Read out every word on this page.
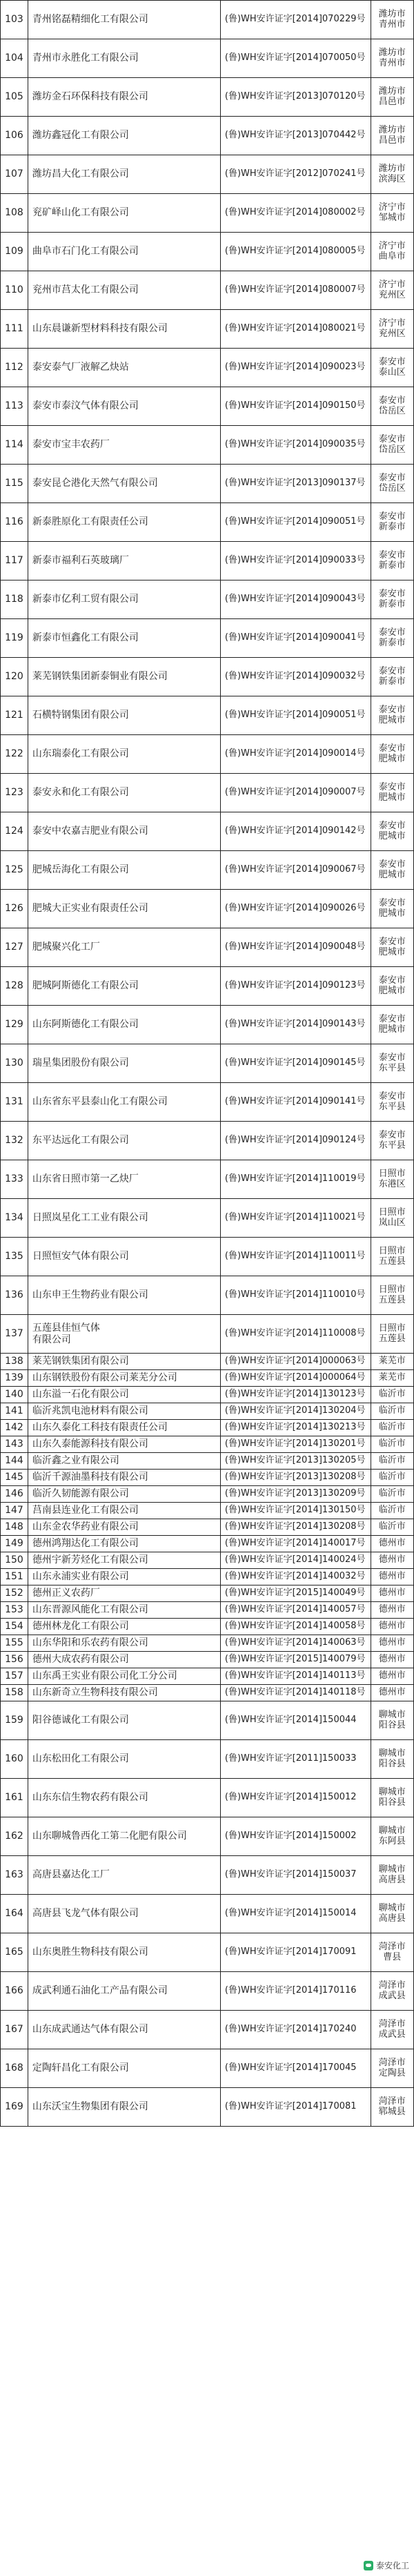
103	青州铭磊精细化工有限公司	(鲁)WH安许证字[2014]070229号	潍坊市
青州市

104	青州市永胜化工有限公司	(鲁)WH安许证字[2014]070050号	潍坊市
青州市

105	潍坊金石环保科技有限公司	(鲁)WH安许证字[2013]070120号	潍坊市
昌邑市

106	潍坊鑫冠化工有限公司	(鲁)WH安许证字[2013]070442号	潍坊市
昌邑市

107	潍坊昌大化工有限公司	(鲁)WH安许证字[2012]070241号	潍坊市
滨海区

108	兖矿峄山化工有限公司	(鲁)WH安许证字[2014]080002号	济宁市
邹城市

109	曲阜市石门化工有限公司	(鲁)WH安许证字[2014]080005号	济宁市
曲阜市

110	兖州市莒太化工有限公司	(鲁)WH安许证字[2014]080007号	济宁市
兖州区

111	山东晨谦新型材料科技有限公司	(鲁)WH安许证字[2014]080021号	济宁市
兖州区

112	泰安泰气厂液解乙炔站	(鲁)WH安许证字[2014]090023号	泰安市
泰山区

113	泰安市泰汶气体有限公司	(鲁)WH安许证字[2014]090150号	泰安市
岱岳区

114	泰安市宝丰农药厂	(鲁)WH安许证字[2014]090035号	泰安市
岱岳区

115	泰安昆仑港化天然气有限公司	(鲁)WH安许证字[2013]090137号	泰安市
岱岳区

116	新泰胜原化工有限责任公司	(鲁)WH安许证字[2014]090051号	泰安市
新泰市

117	新泰市福利石英玻璃厂	(鲁)WH安许证字[2014]090033号	泰安市
新泰市

118	新泰市亿利工贸有限公司	(鲁)WH安许证字[2014]090043号	泰安市
新泰市

119	新泰市恒鑫化工有限公司	(鲁)WH安许证字[2014]090041号	泰安市
新泰市

120	莱芜钢铁集团新泰铜业有限公司	(鲁)WH安许证字[2014]090032号	泰安市
新泰市

121	石横特钢集团有限公司	(鲁)WH安许证字[2014]090051号	泰安市
肥城市

122	山东瑞泰化工有限公司	(鲁)WH安许证字[2014]090014号	泰安市
肥城市

123	泰安永和化工有限公司	(鲁)WH安许证字[2014]090007号	泰安市
肥城市

124	泰安中农嘉吉肥业有限公司	(鲁)WH安许证字[2014]090142号	泰安市
肥城市

125	肥城岳海化工有限公司	(鲁)WH安许证字[2014]090067号	泰安市
肥城市

126	肥城大正实业有限责任公司	(鲁)WH安许证字[2014]090026号	泰安市
肥城市

127	肥城聚兴化工厂	(鲁)WH安许证字[2014]090048号	泰安市
肥城市

128	肥城阿斯德化工有限公司	(鲁)WH安许证字[2014]090123号	泰安市
肥城市

129	山东阿斯德化工有限公司	(鲁)WH安许证字[2014]090143号	泰安市
肥城市

130	瑞星集团股份有限公司	(鲁)WH安许证字[2014]090145号	泰安市
东平县

131	山东省东平县泰山化工有限公司	(鲁)WH安许证字[2014]090141号	泰安市
东平县

132	东平达远化工有限公司	(鲁)WH安许证字[2014]090124号	泰安市
东平县

133	山东省日照市第一乙炔厂	(鲁)WH安许证字[2014]110019号	日照市
东港区

134	日照岚星化工工业有限公司	(鲁)WH安许证字[2014]110021号	日照市
岚山区

135	日照恒安气体有限公司	(鲁)WH安许证字[2014]110011号	日照市
五莲县

136	山东申王生物药业有限公司	(鲁)WH安许证字[2014]110010号	日照市
五莲县

137	五莲县佳恒气体
有限公司	(鲁)WH安许证字[2014]110008号	日照市
五莲县

138	莱芜钢铁集团有限公司	(鲁)WH安许证字[2014]000063号	莱芜市

139	山东钢铁股份有限公司莱芜分公司	(鲁)WH安许证字[2014]000064号	莱芜市

140	山东溢一石化有限公司	(鲁)WH安许证字[2014]130123号	临沂市

141	临沂兆凯电池材料有限公司	(鲁)WH安许证字[2014]130204号	临沂市

142	山东久泰化工科技有限责任公司	(鲁)WH安许证字[2014]130213号	临沂市

143	山东久泰能源科技有限公司	(鲁)WH安许证字[2014]130201号	临沂市

144	临沂鑫之业有限公司	(鲁)WH安许证字[2013]130205号	临沂市

145	临沂千源油墨科技有限公司	(鲁)WH安许证字[2013]130208号	临沂市

146	临沂久韧能源有限公司	(鲁)WH安许证字[2013]130209号	临沂市

147	莒南县连业化工有限公司	(鲁)WH安许证字[2014]130150号	临沂市

148	山东金农华药业有限公司	(鲁)WH安许证字[2014]130208号	临沂市

149	德州鸿翔达化工有限公司	(鲁)WH安许证字[2014]140017号	德州市

150	德州宇新芳烃化工有限公司	(鲁)WH安许证字[2014]140024号	德州市

151	山东永浦实业有限公司	(鲁)WH安许证字[2014]140032号	德州市

152	德州正义农药厂	(鲁)WH安许证字[2015]140049号	德州市

153	山东晋源风能化工有限公司	(鲁)WH安许证字[2014]140057号	德州市

154	德州林龙化工有限公司	(鲁)WH安许证字[2014]140058号	德州市

155	山东华阳和乐农药有限公司	(鲁)WH安许证字[2014]140063号	德州市

156	德州大成农药有限公司	(鲁)WH安许证字[2015]140079号	德州市

157	山东禹王实业有限公司化工分公司	(鲁)WH安许证字[2014]140113号	德州市

158	山东新奇立生物科技有限公司	(鲁)WH安许证字[2014]140118号	德州市

159	阳谷德诚化工有限公司	(鲁)WH安许证字[2014]150044	聊城市
阳谷县

160	山东松田化工有限公司	(鲁)WH安许证字[2011]150033	聊城市
阳谷县

161	山东东信生物农药有限公司	(鲁)WH安许证字[2014]150012	聊城市
阳谷县

162	山东聊城鲁西化工第二化肥有限公司	(鲁)WH安许证字[2014]150002	聊城市
东阿县

163	高唐县嘉达化工厂	(鲁)WH安许证字[2014]150037	聊城市
高唐县

164	高唐县飞龙气体有限公司	(鲁)WH安许证字[2014]150014	聊城市
高唐县

165	山东奥胜生物科技有限公司	(鲁)WH安许证字[2014]170091	菏泽市
曹县

166	成武利通石油化工产品有限公司	(鲁)WH安许证字[2014]170116	菏泽市
成武县

167	山东成武通达气体有限公司	(鲁)WH安许证字[2014]170240	菏泽市
成武县

168	定陶轩昌化工有限公司	(鲁)WH安许证字[2014]170045	菏泽市
定陶县

169	山东沃宝生物集团有限公司	(鲁)WH安许证字[2014]170081	菏泽市
郓城县
泰安化工
